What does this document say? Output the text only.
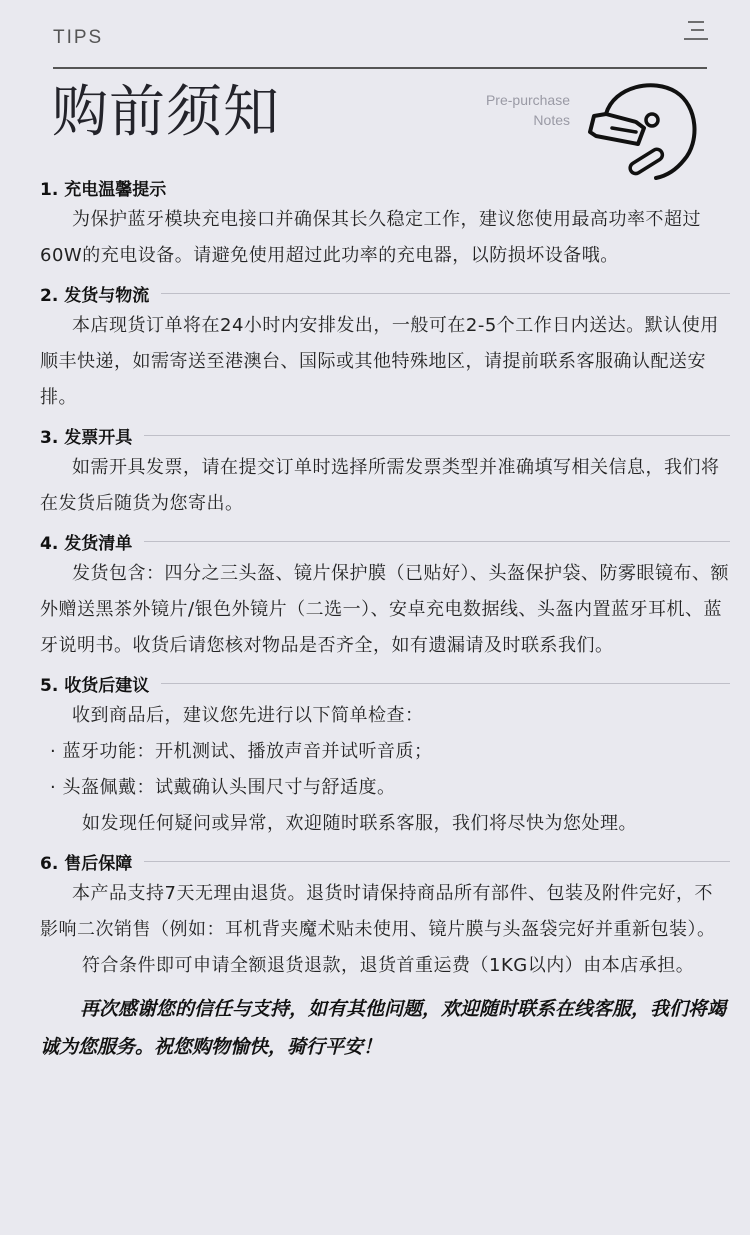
TIPS
购前须知	Pre-purchase
Notes
1. 充电温馨提示
为保护蓝牙模块充电接口并确保其长久稳定工作，建议您使用最高功率不超过60W的充电设备。请避免使用超过此功率的充电器，以防损坏设备哦。
2. 发货与物流
本店现货订单将在24小时内安排发出，一般可在2-5个工作日内送达。默认使用顺丰快递，如需寄送至港澳台、国际或其他特殊地区，请提前联系客服确认配送安排。
3. 发票开具
如需开具发票，请在提交订单时选择所需发票类型并准确填写相关信息，我们将在发货后随货为您寄出。
4. 发货清单
发货包含：四分之三头盔、镜片保护膜（已贴好）、头盔保护袋、防雾眼镜布、额外赠送黑茶外镜片/银色外镜片（二选一）、安卓充电数据线、头盔内置蓝牙耳机、蓝牙说明书。收货后请您核对物品是否齐全，如有遗漏请及时联系我们。
5. 收货后建议
收到商品后，建议您先进行以下简单检查：
· 蓝牙功能：开机测试、播放声音并试听音质；
· 头盔佩戴：试戴确认头围尺寸与舒适度。
如发现任何疑问或异常，欢迎随时联系客服，我们将尽快为您处理。
6. 售后保障
本产品支持7天无理由退货。退货时请保持商品所有部件、包装及附件完好，不影响二次销售（例如：耳机背夹魔术贴未使用、镜片膜与头盔袋完好并重新包装）。
符合条件即可申请全额退货退款，退货首重运费（1KG以内）由本店承担。
再次感谢您的信任与支持，如有其他问题，欢迎随时联系在线客服，我们将竭诚为您服务。祝您购物愉快，骑行平安！
